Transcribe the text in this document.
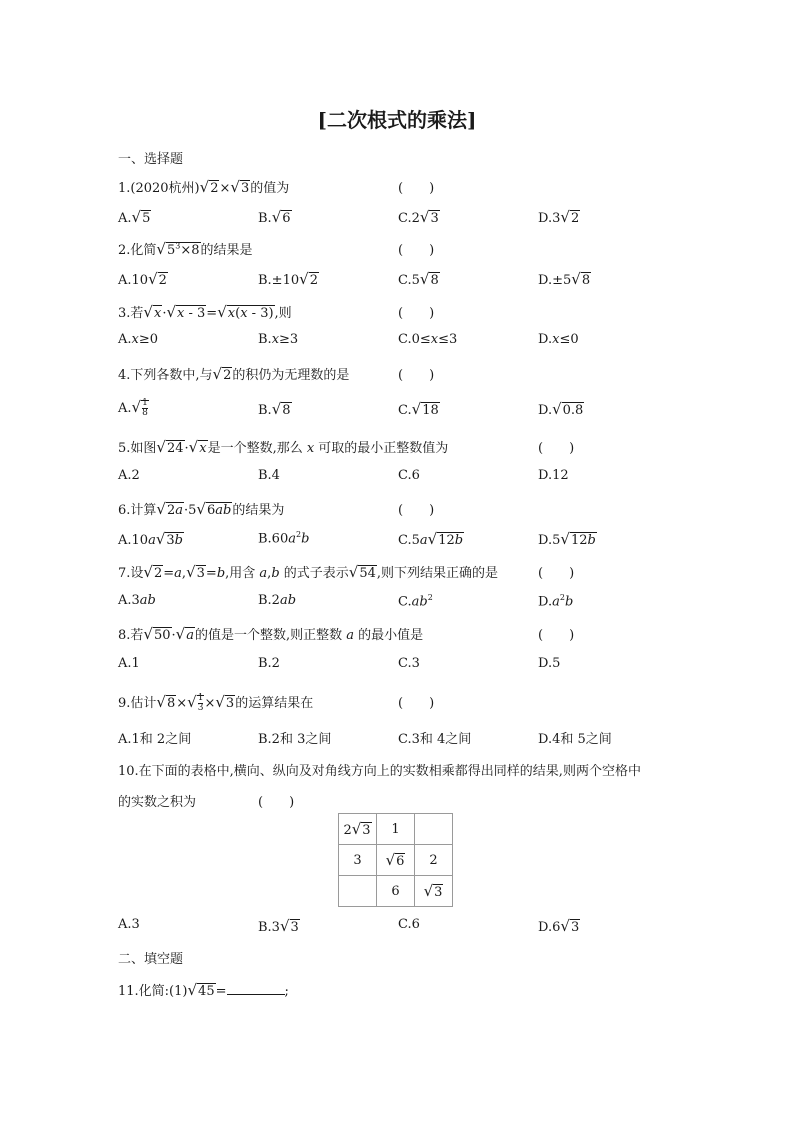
[二次根式的乘法]
一、选择题
1.(2020杭州)√2×√3的值为	(　　)
A.√5	B.√6	C.2√3	D.3√2
2.化简$√5^3\times 8$的结果是	(　　)
A.10√2	B.±10√2	C.5√8	D.±5√8
3.若√x·√x - 3=√x(x - 3),则	(　　)
A.x≥0	B.x≥3	C.0≤x≤3	D.x≤0
4.下列各数中,与√2的积仍为无理数的是	(　　)
$A.√ \frac{1}{8}$	B.√8	C.√18	D.√0.8
5.如图√24·√x是一个整数,那么 x 可取的最小正整数值为	(　　)
A.2	B.4	C.6	D.12
6.计算√2a·5√6ab的结果为	(　　)
A.10a√3b	$B.60a^2b$	C.5a√12b	D.5√12b
7.设√2=a,√3=b,用含 a,b 的式子表示√54,则下列结果正确的是	(　　)
A.3ab	B.2ab	$C.ab^2$	$D.a^2b$
8.若√50·√a的值是一个整数,则正整数 a 的最小值是	(　　)
A.1	B.2	C.3	D.5
9.估计$√8\times√ \frac{1}{3}\times√3$的运算结果在	(　　)
A.1和 2之间	B.2和 3之间	C.3和 4之间	D.4和 5之间
10.在下面的表格中,横向、纵向及对角线方向上的实数相乘都得出同样的结果,则两个空格中
的实数之积为	(　　)
2√3	1	
3	√6	2
	6	√3
A.3	B.3√3	C.6	D.6√3
二、填空题
11.化简:(1)√45=	;
